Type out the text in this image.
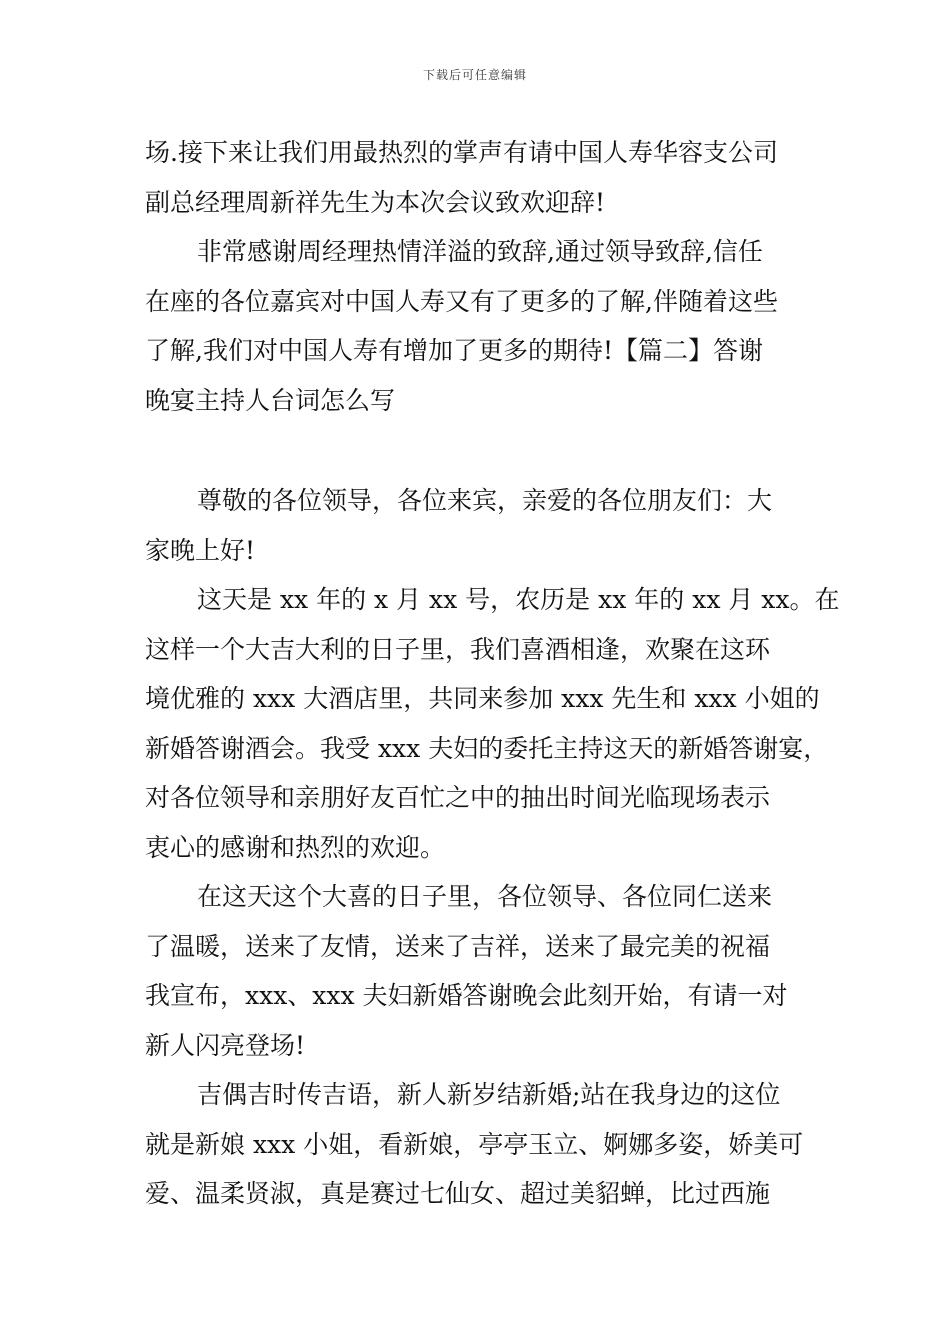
下载后可任意编辑

场.接下来让我们用最热烈的掌声有请中国人寿华容支公司
副总经理周新祥先生为本次会议致欢迎辞!

非常感谢周经理热情洋溢的致辞,通过领导致辞,信任
在座的各位嘉宾对中国人寿又有了更多的了解,伴随着这些
了解,我们对中国人寿有增加了更多的期待!【篇二】答谢
晚宴主持人台词怎么写

尊敬的各位领导，各位来宾，亲爱的各位朋友们：大
家晚上好!

这天是 xx 年的 x 月 xx 号，农历是 xx 年的 xx 月 xx。在
这样一个大吉大利的日子里，我们喜酒相逢，欢聚在这环
境优雅的 xxx 大酒店里，共同来参加 xxx 先生和 xxx 小姐的
新婚答谢酒会。我受 xxx 夫妇的委托主持这天的新婚答谢宴，
对各位领导和亲朋好友百忙之中的抽出时间光临现场表示
衷心的感谢和热烈的欢迎。

在这天这个大喜的日子里，各位领导、各位同仁送来
了温暖，送来了友情，送来了吉祥，送来了最完美的祝福
我宣布，xxx、xxx 夫妇新婚答谢晚会此刻开始，有请一对
新人闪亮登场!

吉偶吉时传吉语，新人新岁结新婚;站在我身边的这位
就是新娘 xxx 小姐，看新娘，亭亭玉立、婀娜多姿，娇美可
爱、温柔贤淑，真是赛过七仙女、超过美貂蝉，比过西施
